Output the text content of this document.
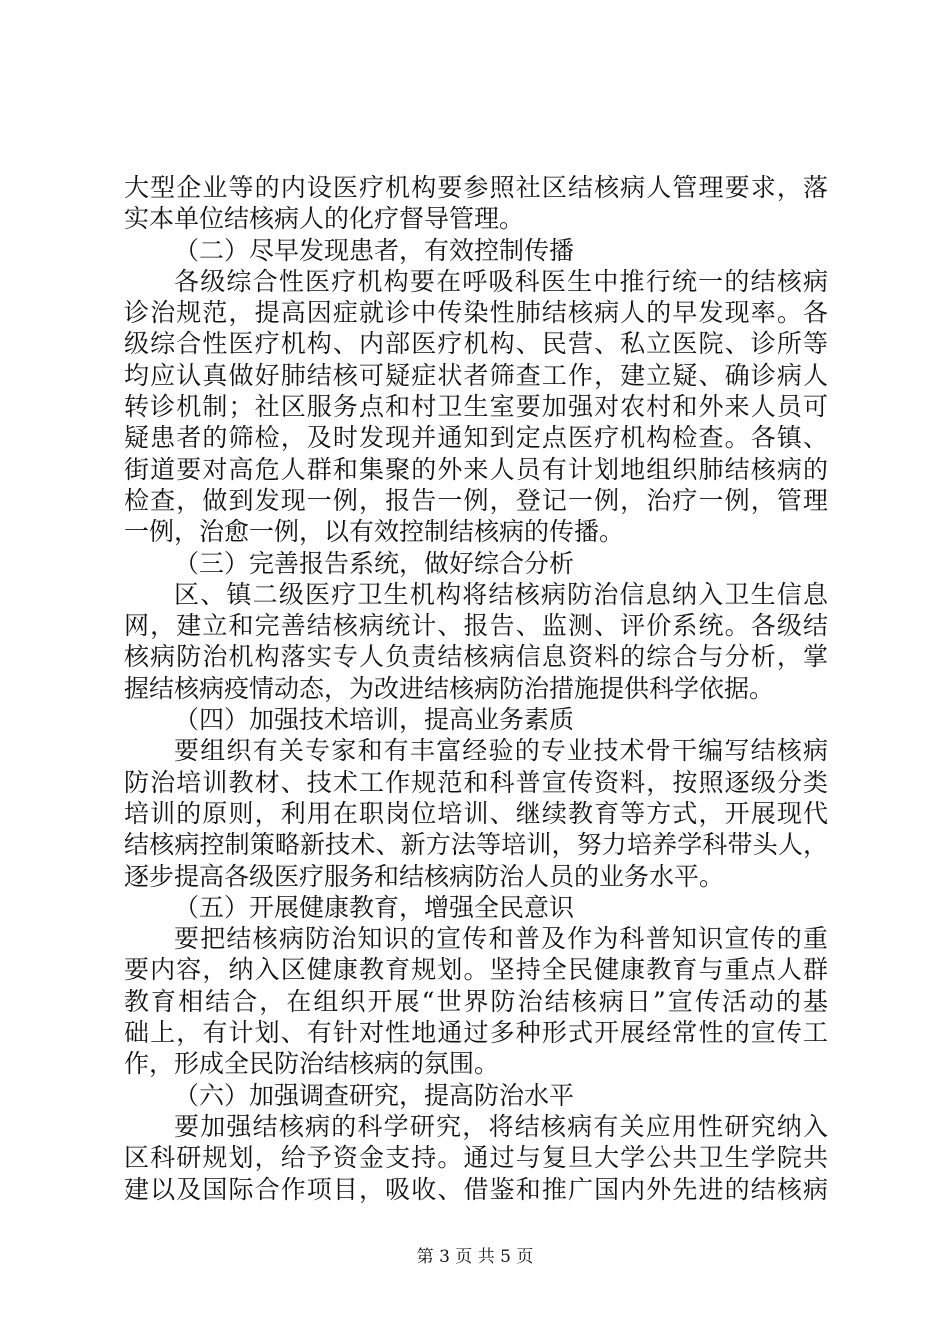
大型企业等的内设医疗机构要参照社区结核病人管理要求，落
实本单位结核病人的化疗督导管理。
（二）尽早发现患者，有效控制传播
各级综合性医疗机构要在呼吸科医生中推行统一的结核病
诊治规范，提高因症就诊中传染性肺结核病人的早发现率。各
级综合性医疗机构、内部医疗机构、民营、私立医院、诊所等
均应认真做好肺结核可疑症状者筛查工作，建立疑、确诊病人
转诊机制；社区服务点和村卫生室要加强对农村和外来人员可
疑患者的筛检，及时发现并通知到定点医疗机构检查。各镇、
街道要对高危人群和集聚的外来人员有计划地组织肺结核病的
检查，做到发现一例，报告一例，登记一例，治疗一例，管理
一例，治愈一例，以有效控制结核病的传播。
（三）完善报告系统，做好综合分析
区、镇二级医疗卫生机构将结核病防治信息纳入卫生信息
网，建立和完善结核病统计、报告、监测、评价系统。各级结
核病防治机构落实专人负责结核病信息资料的综合与分析，掌
握结核病疫情动态，为改进结核病防治措施提供科学依据。
（四）加强技术培训，提高业务素质
要组织有关专家和有丰富经验的专业技术骨干编写结核病
防治培训教材、技术工作规范和科普宣传资料，按照逐级分类
培训的原则，利用在职岗位培训、继续教育等方式，开展现代
结核病控制策略新技术、新方法等培训，努力培养学科带头人，
逐步提高各级医疗服务和结核病防治人员的业务水平。
（五）开展健康教育，增强全民意识
要把结核病防治知识的宣传和普及作为科普知识宣传的重
要内容，纳入区健康教育规划。坚持全民健康教育与重点人群
教育相结合，在组织开展“世界防治结核病日”宣传活动的基
础上，有计划、有针对性地通过多种形式开展经常性的宣传工
作，形成全民防治结核病的氛围。
（六）加强调查研究，提高防治水平
要加强结核病的科学研究，将结核病有关应用性研究纳入
区科研规划，给予资金支持。通过与复旦大学公共卫生学院共
建以及国际合作项目，吸收、借鉴和推广国内外先进的结核病
第 3 页 共 5 页
